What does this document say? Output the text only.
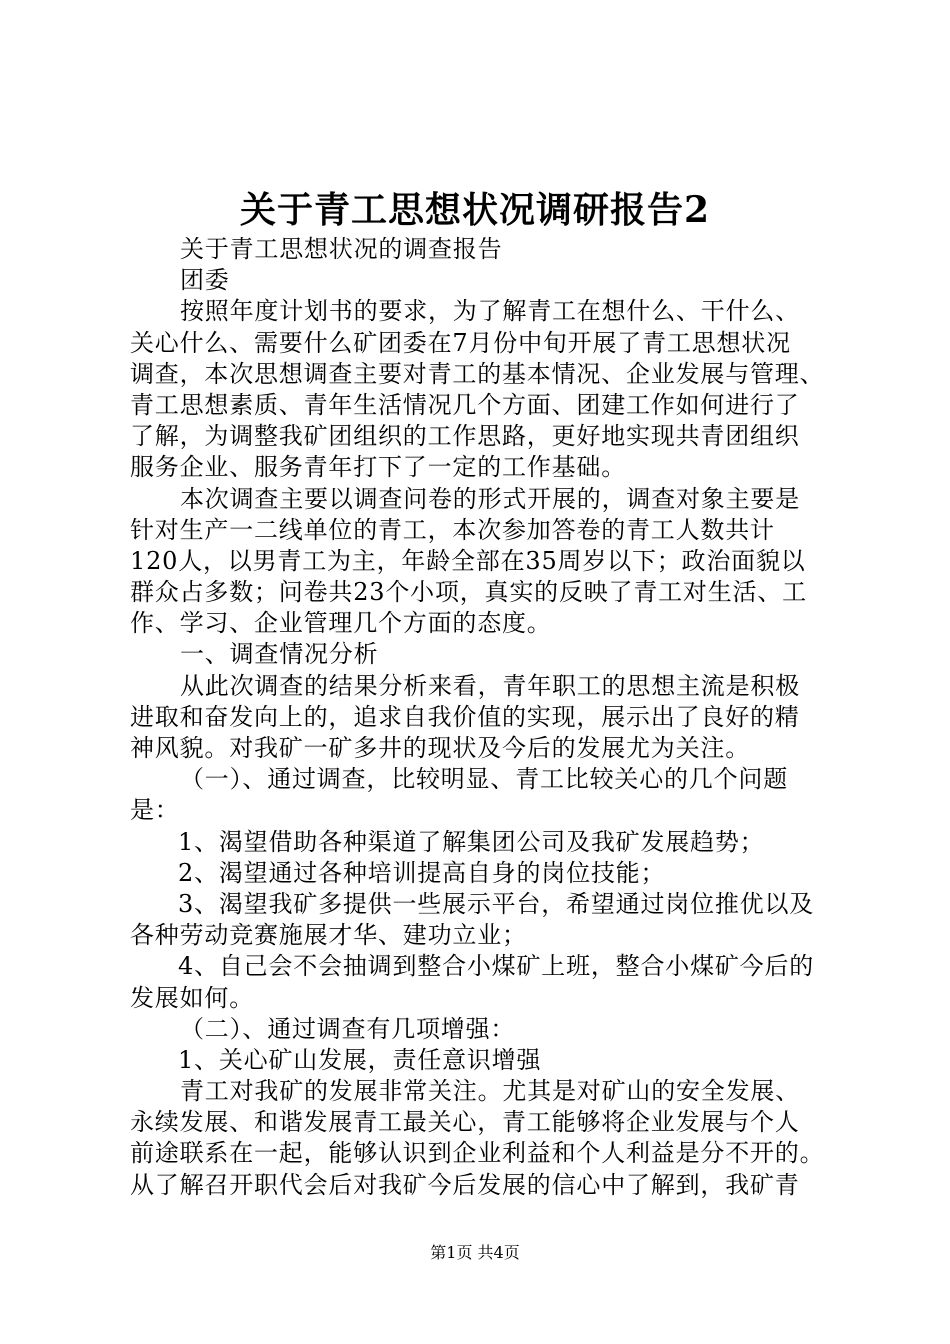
关于青工思想状况调研报告2
关于青工思想状况的调查报告
团委
按照年度计划书的要求，为了解青工在想什么、干什么、
关心什么、需要什么矿团委在7月份中旬开展了青工思想状况
调查，本次思想调查主要对青工的基本情况、企业发展与管理、
青工思想素质、青年生活情况几个方面、团建工作如何进行了
了解，为调整我矿团组织的工作思路，更好地实现共青团组织
服务企业、服务青年打下了一定的工作基础。
本次调查主要以调查问卷的形式开展的，调查对象主要是
针对生产一二线单位的青工，本次参加答卷的青工人数共计
120人，以男青工为主，年龄全部在35周岁以下；政治面貌以
群众占多数；问卷共23个小项，真实的反映了青工对生活、工
作、学习、企业管理几个方面的态度。
一、调查情况分析
从此次调查的结果分析来看，青年职工的思想主流是积极
进取和奋发向上的，追求自我价值的实现，展示出了良好的精
神风貌。对我矿一矿多井的现状及今后的发展尤为关注。
（一）、通过调查，比较明显、青工比较关心的几个问题
是：
1、渴望借助各种渠道了解集团公司及我矿发展趋势；
2、渴望通过各种培训提高自身的岗位技能；
3、渴望我矿多提供一些展示平台，希望通过岗位推优以及
各种劳动竞赛施展才华、建功立业；
4、自己会不会抽调到整合小煤矿上班，整合小煤矿今后的
发展如何。
（二）、通过调查有几项增强：
1、关心矿山发展，责任意识增强
青工对我矿的发展非常关注。尤其是对矿山的安全发展、
永续发展、和谐发展青工最关心，青工能够将企业发展与个人
前途联系在一起，能够认识到企业利益和个人利益是分不开的。
从了解召开职代会后对我矿今后发展的信心中了解到，我矿青
第1页 共4页
